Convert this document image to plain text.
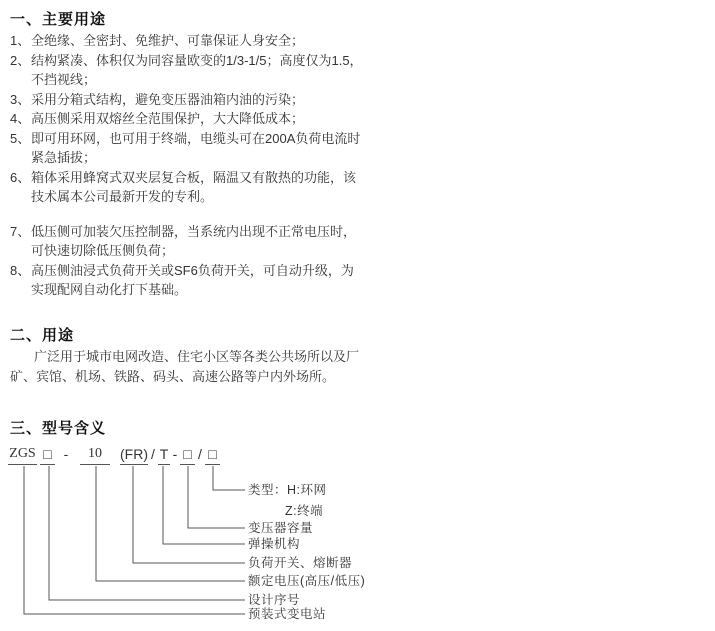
一、主要用途
1、全绝缘、全密封、免维护、可靠保证人身安全；
2、结构紧凑、体积仅为同容量欧变的1/3-1/5；高度仅为1.5，
不挡视线；
3、采用分箱式结构，避免变压器油箱内油的污染；
4、高压侧采用双熔丝全范围保护，大大降低成本；
5、即可用环网，也可用于终端，电缆头可在200A负荷电流时
紧急插拔；
6、箱体采用蜂窝式双夹层复合板，隔温又有散热的功能，该
技术属本公司最新开发的专利。
7、低压侧可加装欠压控制器，当系统内出现不正常电压时，
可快速切除低压侧负荷；
8、高压侧油浸式负荷开关或SF6负荷开关，可自动升级，为
实现配网自动化打下基础。
二、用途
广泛用于城市电网改造、住宅小区等各类公共场所以及厂
矿、宾馆、机场、铁路、码头、高速公路等户内外场所。
三、型号含义
ZGS □ -	10	(FR) / T - □ / □
类型：H:环网
Z:终端
变压器容量
弹操机构
负荷开关、熔断器
额定电压(高压/低压)
设计序号
预装式变电站
